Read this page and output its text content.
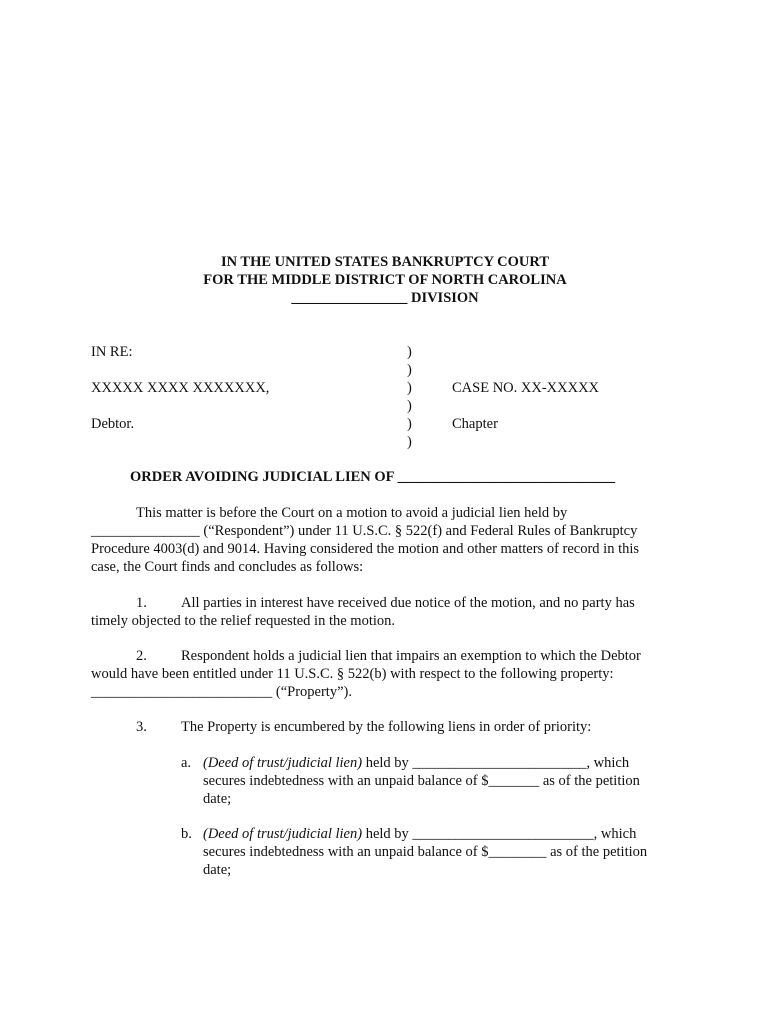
IN THE UNITED STATES BANKRUPTCY COURT
FOR THE MIDDLE DISTRICT OF NORTH CAROLINA
________________ DIVISION
IN RE:
XXXXX XXXX XXXXXXX,
Debtor.
)
)
)
)
)
)
CASE NO. XX-XXXXX
Chapter
ORDER AVOIDING JUDICIAL LIEN OF ______________________________
This matter is before the Court on a motion to avoid a judicial lien held by
_______________ (“Respondent”) under 11 U.S.C. § 522(f) and Federal Rules of Bankruptcy
Procedure 4003(d) and 9014. Having considered the motion and other matters of record in this
case, the Court finds and concludes as follows:
1. All parties in interest have received due notice of the motion, and no party has
timely objected to the relief requested in the motion.
2. Respondent holds a judicial lien that impairs an exemption to which the Debtor
would have been entitled under 11 U.S.C. § 522(b) with respect to the following property:
_________________________ (“Property”).
3. The Property is encumbered by the following liens in order of priority:
a. (Deed of trust/judicial lien) held by ________________________, which
secures indebtedness with an unpaid balance of $_______ as of the petition
date;
b. (Deed of trust/judicial lien) held by _________________________, which
secures indebtedness with an unpaid balance of $________ as of the petition
date;
